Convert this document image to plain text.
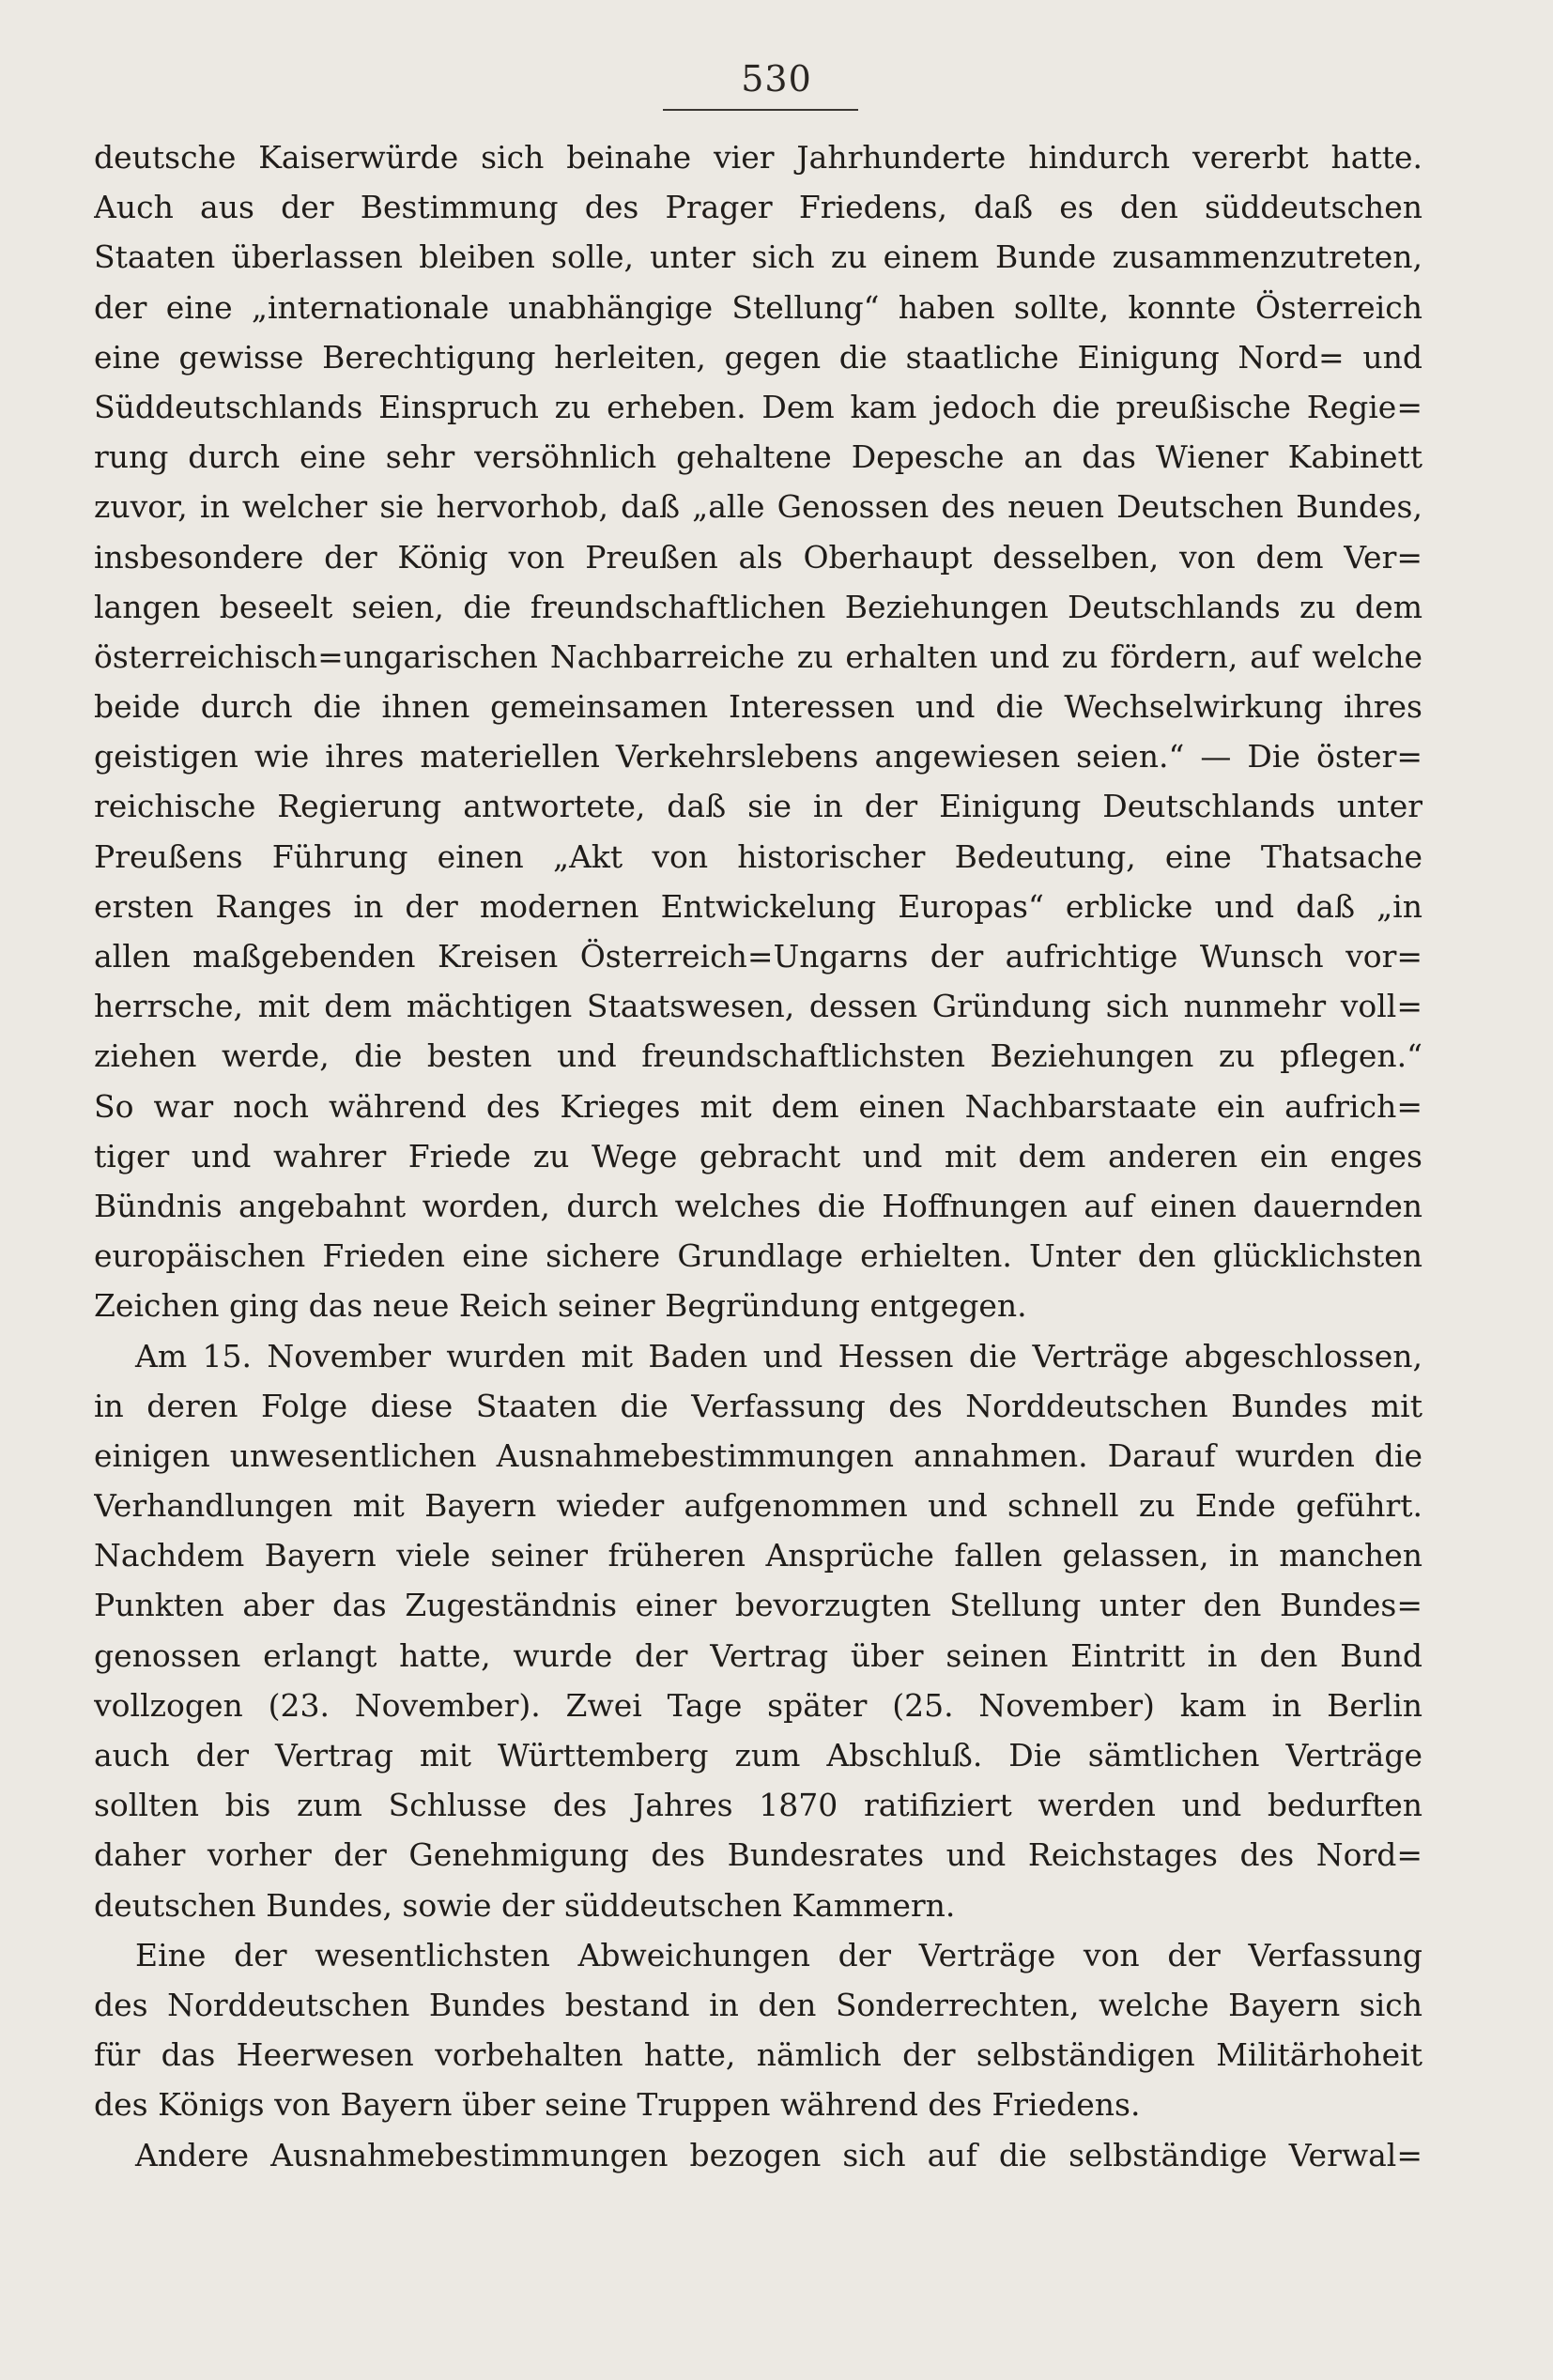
530
deutsche Kaiserwürde sich beinahe vier Jahrhunderte hindurch vererbt hatte.
Auch aus der Bestimmung des Prager Friedens, daß es den süddeutschen
Staaten überlassen bleiben solle, unter sich zu einem Bunde zusammenzutreten,
der eine „internationale unabhängige Stellung“ haben sollte, konnte Österreich
eine gewisse Berechtigung herleiten, gegen die staatliche Einigung Nord= und
Süddeutschlands Einspruch zu erheben. Dem kam jedoch die preußische Regie=
rung durch eine sehr versöhnlich gehaltene Depesche an das Wiener Kabinett
zuvor, in welcher sie hervorhob, daß „alle Genossen des neuen Deutschen Bundes,
insbesondere der König von Preußen als Oberhaupt desselben, von dem Ver=
langen beseelt seien, die freundschaftlichen Beziehungen Deutschlands zu dem
österreichisch=ungarischen Nachbarreiche zu erhalten und zu fördern, auf welche
beide durch die ihnen gemeinsamen Interessen und die Wechselwirkung ihres
geistigen wie ihres materiellen Verkehrslebens angewiesen seien.“ — Die öster=
reichische Regierung antwortete, daß sie in der Einigung Deutschlands unter
Preußens Führung einen „Akt von historischer Bedeutung, eine Thatsache
ersten Ranges in der modernen Entwickelung Europas“ erblicke und daß „in
allen maßgebenden Kreisen Österreich=Ungarns der aufrichtige Wunsch vor=
herrsche, mit dem mächtigen Staatswesen, dessen Gründung sich nunmehr voll=
ziehen werde, die besten und freundschaftlichsten Beziehungen zu pflegen.“
So war noch während des Krieges mit dem einen Nachbarstaate ein aufrich=
tiger und wahrer Friede zu Wege gebracht und mit dem anderen ein enges
Bündnis angebahnt worden, durch welches die Hoffnungen auf einen dauernden
europäischen Frieden eine sichere Grundlage erhielten. Unter den glücklichsten
Zeichen ging das neue Reich seiner Begründung entgegen.
Am 15. November wurden mit Baden und Hessen die Verträge abgeschlossen,
in deren Folge diese Staaten die Verfassung des Norddeutschen Bundes mit
einigen unwesentlichen Ausnahmebestimmungen annahmen. Darauf wurden die
Verhandlungen mit Bayern wieder aufgenommen und schnell zu Ende geführt.
Nachdem Bayern viele seiner früheren Ansprüche fallen gelassen, in manchen
Punkten aber das Zugeständnis einer bevorzugten Stellung unter den Bundes=
genossen erlangt hatte, wurde der Vertrag über seinen Eintritt in den Bund
vollzogen (23. November). Zwei Tage später (25. November) kam in Berlin
auch der Vertrag mit Württemberg zum Abschluß. Die sämtlichen Verträge
sollten bis zum Schlusse des Jahres 1870 ratifiziert werden und bedurften
daher vorher der Genehmigung des Bundesrates und Reichstages des Nord=
deutschen Bundes, sowie der süddeutschen Kammern.
Eine der wesentlichsten Abweichungen der Verträge von der Verfassung
des Norddeutschen Bundes bestand in den Sonderrechten, welche Bayern sich
für das Heerwesen vorbehalten hatte, nämlich der selbständigen Militärhoheit
des Königs von Bayern über seine Truppen während des Friedens.
Andere Ausnahmebestimmungen bezogen sich auf die selbständige Verwal=
